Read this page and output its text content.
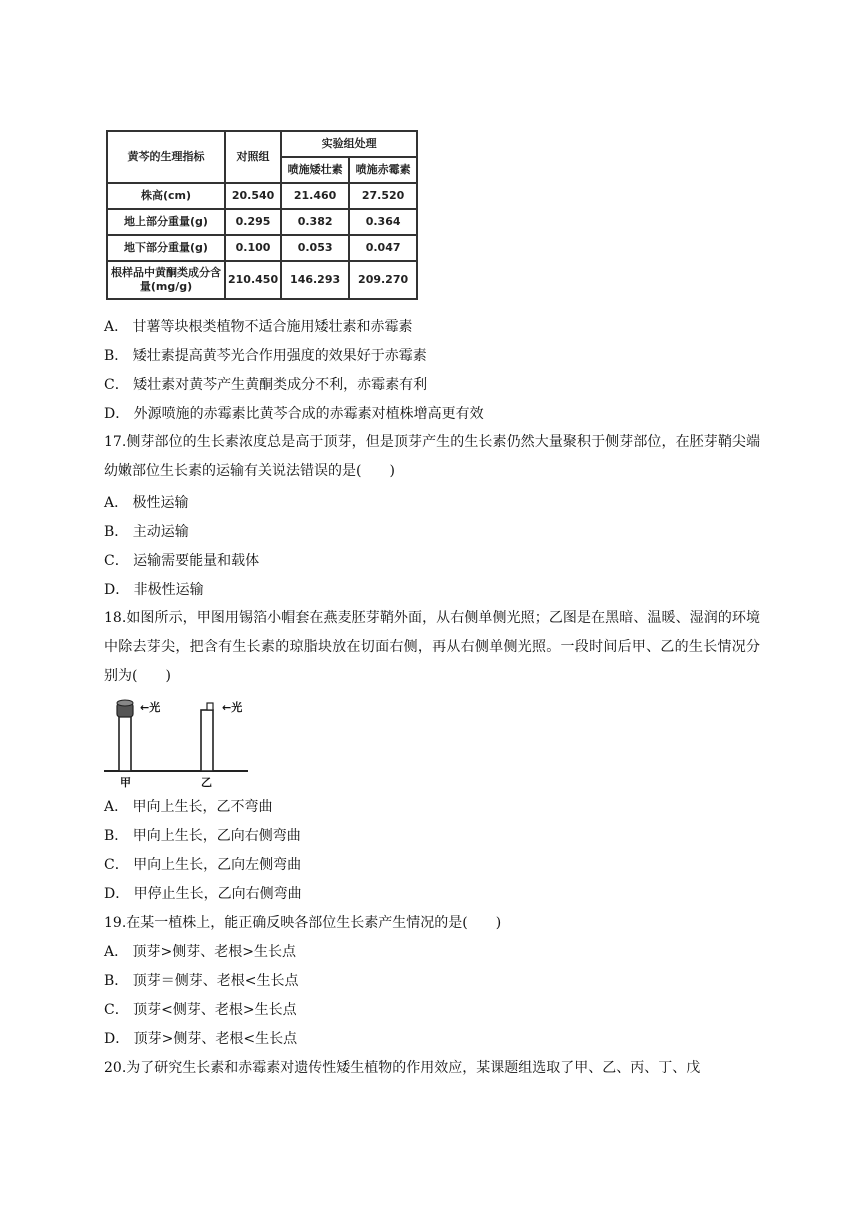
黄芩的生理指标	对照组	实验组处理	
		喷施矮壮素	喷施赤霉素
株高(cm)	20.540	21.460	27.520
地上部分重量(g)	0.295	0.382	0.364
地下部分重量(g)	0.100	0.053	0.047
根样品中黄酮类成分含量(mg/g)	210.450	146.293	209.270
A． 甘薯等块根类植物不适合施用矮壮素和赤霉素
B． 矮壮素提高黄芩光合作用强度的效果好于赤霉素
C． 矮壮素对黄芩产生黄酮类成分不利，赤霉素有利
D． 外源喷施的赤霉素比黄芩合成的赤霉素对植株增高更有效
17.侧芽部位的生长素浓度总是高于顶芽，但是顶芽产生的生长素仍然大量聚积于侧芽部位，在胚芽鞘尖端幼嫩部位生长素的运输有关说法错误的是(　　)
A． 极性运输
B． 主动运输
C． 运输需要能量和载体
D． 非极性运输
18.如图所示，甲图用锡箔小帽套在燕麦胚芽鞘外面，从右侧单侧光照；乙图是在黑暗、温暖、湿润的环境中除去芽尖，把含有生长素的琼脂块放在切面右侧，再从右侧单侧光照。一段时间后甲、乙的生长情况分别为(　　)
←光	←光
甲	乙
A． 甲向上生长，乙不弯曲
B． 甲向上生长，乙向右侧弯曲
C． 甲向上生长，乙向左侧弯曲
D． 甲停止生长，乙向右侧弯曲
19.在某一植株上，能正确反映各部位生长素产生情况的是(　　)
A． 顶芽>侧芽、老根>生长点
B． 顶芽＝侧芽、老根<生长点
C． 顶芽<侧芽、老根>生长点
D． 顶芽>侧芽、老根<生长点
20.为了研究生长素和赤霉素对遗传性矮生植物的作用效应，某课题组选取了甲、乙、丙、丁、戊
